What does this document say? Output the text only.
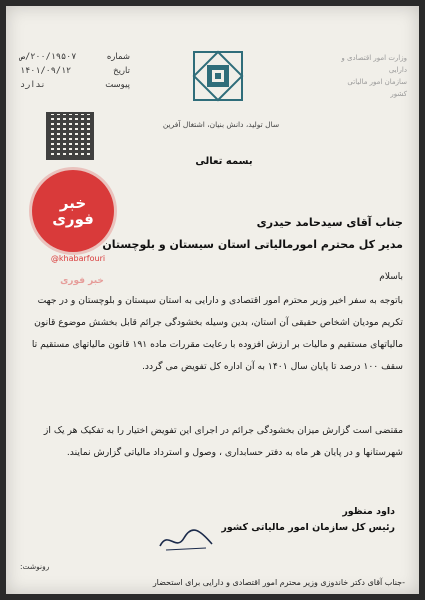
شماره
۲۰۰/۱۹۵۰۷/ص
تاریخ
۱۴۰۱/۰۹/۱۲
پیوست
ندارد
وزارت امور اقتصادی و دارایی
سازمان امور مالیاتی کشور
سال تولید، دانش بنیان، اشتغال آفرین
بسمه تعالی
خبر
فوری
@khabarfouri
خبر فوری
جناب آقای سیدحامد حیدری
مدیر کل محترم امورمالیاتی استان سیستان و بلوچستان
باسلام
باتوجه به سفر اخیر وزیر محترم امور اقتصادی و دارایی به استان سیستان و بلوچستان و در جهت تکریم مودیان اشخاص حقیقی آن استان، بدین وسیله بخشودگی جرائم قابل بخشش موضوع قانون مالیاتهای مستقیم و مالیات بر ارزش افزوده با رعایت مقررات ماده ۱۹۱ قانون مالیاتهای مستقیم تا سقف ۱۰۰ درصد تا پایان سال ۱۴۰۱ به آن اداره کل تفویض می گردد.
مقتضی است گزارش میزان بخشودگی جرائم در اجرای این تفویض اختیار را به تفکیک هر یک از شهرستانها و در پایان هر ماه به دفتر حسابداری ، وصول و استرداد مالیاتی گزارش نمایند.
داود منظور
رئیس کل سازمان امور مالیاتی کشور
رونوشت:
-جناب آقای دکتر خاندوزی وزیر محترم امور اقتصادی و دارایی برای استحضار
